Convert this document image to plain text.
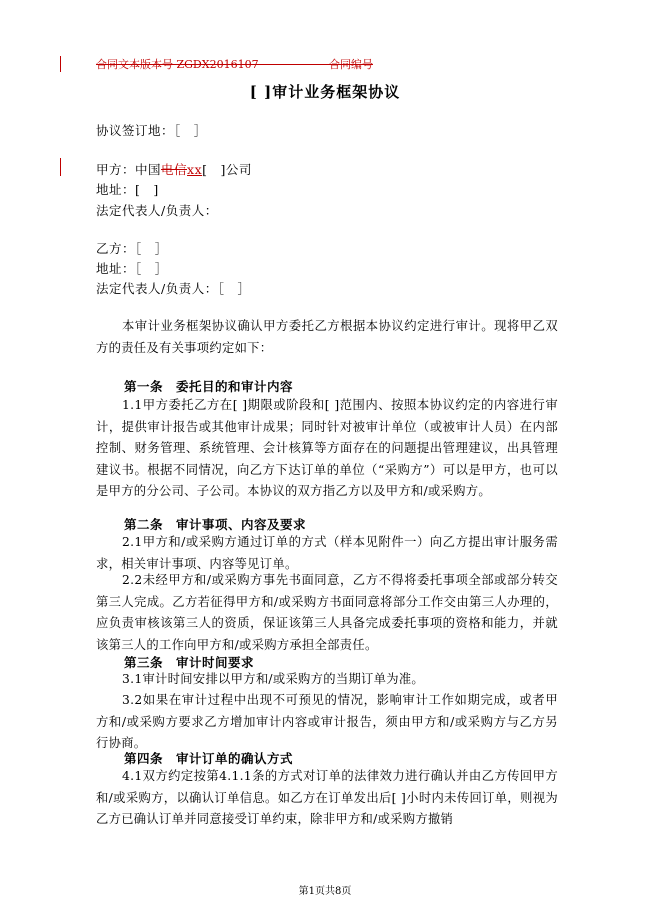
合同文本版本号 ZGDX2016107	合同编号
[ ]审计业务框架协议
协议签订地：［　］
甲方：中国电信xx[　]公司
地址：[　]
法定代表人/负责人：
乙方：［　］
地址：［　］
法定代表人/负责人：［　］
本审计业务框架协议确认甲方委托乙方根据本协议约定进行审计。现将甲乙双方的责任及有关事项约定如下：
第一条　委托目的和审计内容
1.1甲方委托乙方在[ ]期限或阶段和[ ]范围内、按照本协议约定的内容进行审计，提供审计报告或其他审计成果；同时针对被审计单位（或被审计人员）在内部控制、财务管理、系统管理、会计核算等方面存在的问题提出管理建议，出具管理建议书。根据不同情况，向乙方下达订单的单位（“采购方”）可以是甲方，也可以是甲方的分公司、子公司。本协议的双方指乙方以及甲方和/或采购方。
第二条　审计事项、内容及要求
2.1甲方和/或采购方通过订单的方式（样本见附件一）向乙方提出审计服务需求，相关审计事项、内容等见订单。
2.2未经甲方和/或采购方事先书面同意，乙方不得将委托事项全部或部分转交第三人完成。乙方若征得甲方和/或采购方书面同意将部分工作交由第三人办理的，应负责审核该第三人的资质，保证该第三人具备完成委托事项的资格和能力，并就该第三人的工作向甲方和/或采购方承担全部责任。
第三条　审计时间要求
3.1审计时间安排以甲方和/或采购方的当期订单为准。
3.2如果在审计过程中出现不可预见的情况，影响审计工作如期完成，或者甲方和/或采购方要求乙方增加审计内容或审计报告，须由甲方和/或采购方与乙方另行协商。
第四条　审计订单的确认方式
4.1双方约定按第4.1.1条的方式对订单的法律效力进行确认并由乙方传回甲方和/或采购方，以确认订单信息。如乙方在订单发出后[ ]小时内未传回订单，则视为乙方已确认订单并同意接受订单约束，除非甲方和/或采购方撤销
第1页共8页
